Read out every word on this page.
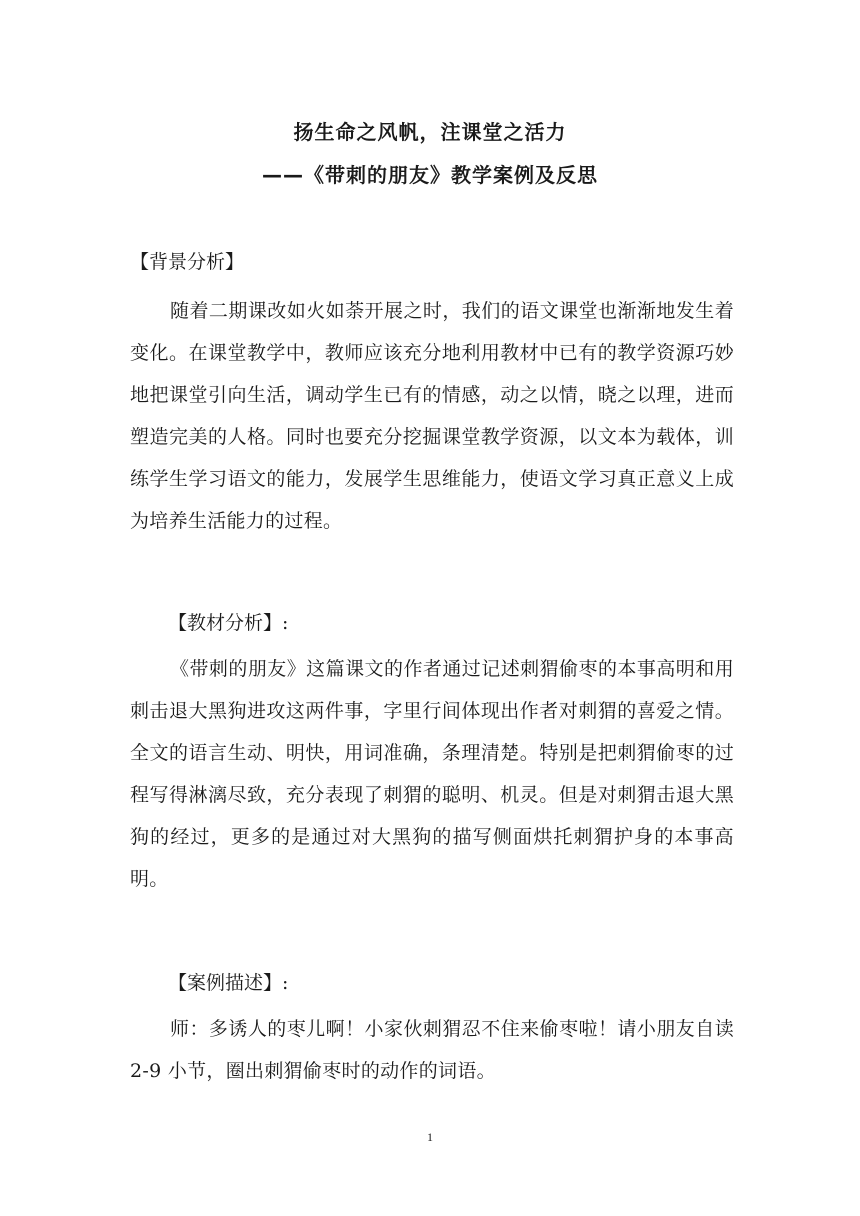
扬生命之风帆，注课堂之活力
——《带刺的朋友》教学案例及反思
【背景分析】
随着二期课改如火如荼开展之时，我们的语文课堂也渐渐地发生着变化。在课堂教学中，教师应该充分地利用教材中已有的教学资源巧妙地把课堂引向生活，调动学生已有的情感，动之以情，晓之以理，进而塑造完美的人格。同时也要充分挖掘课堂教学资源，以文本为载体，训练学生学习语文的能力，发展学生思维能力，使语文学习真正意义上成为培养生活能力的过程。
【教材分析】:
《带刺的朋友》这篇课文的作者通过记述刺猬偷枣的本事高明和用刺击退大黑狗进攻这两件事，字里行间体现出作者对刺猬的喜爱之情。全文的语言生动、明快，用词准确，条理清楚。特别是把刺猬偷枣的过程写得淋漓尽致，充分表现了刺猬的聪明、机灵。但是对刺猬击退大黑狗的经过，更多的是通过对大黑狗的描写侧面烘托刺猬护身的本事高明。
【案例描述】:
师：多诱人的枣儿啊！小家伙刺猬忍不住来偷枣啦！请小朋友自读 2-9 小节，圈出刺猬偷枣时的动作的词语。
1
